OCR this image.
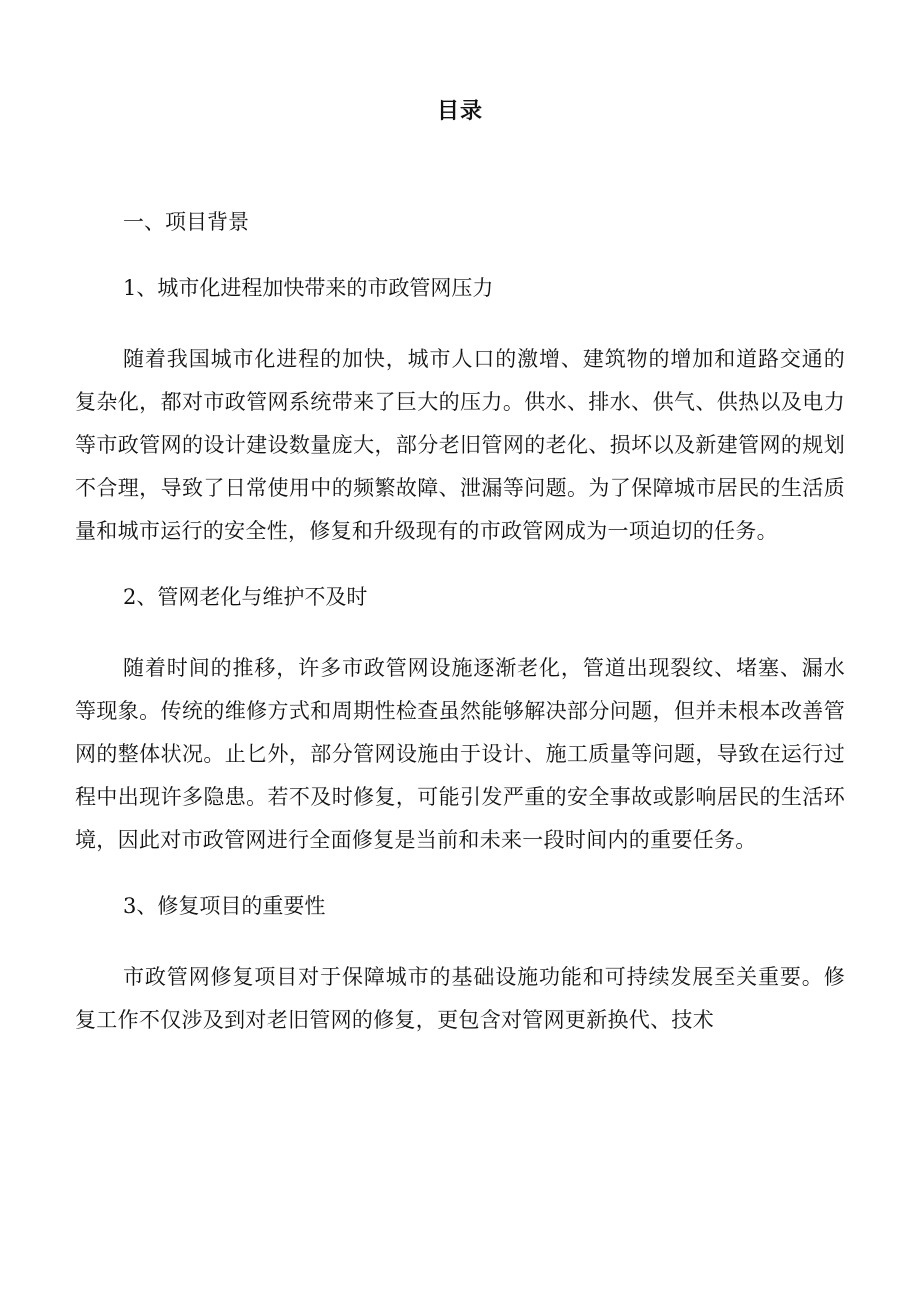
目录
一、项目背景
1、城市化进程加快带来的市政管网压力

随着我国城市化进程的加快，城市人口的激增、建筑物的增加和道路交通的复杂化，都对市政管网系统带来了巨大的压力。供水、排水、供气、供热以及电力等市政管网的设计建设数量庞大，部分老旧管网的老化、损坏以及新建管网的规划不合理，导致了日常使用中的频繁故障、泄漏等问题。为了保障城市居民的生活质量和城市运行的安全性，修复和升级现有的市政管网成为一项迫切的任务。

2、管网老化与维护不及时

随着时间的推移，许多市政管网设施逐渐老化，管道出现裂纹、堵塞、漏水等现象。传统的维修方式和周期性检查虽然能够解决部分问题，但并未根本改善管网的整体状况。止匕外，部分管网设施由于设计、施工质量等问题，导致在运行过程中出现许多隐患。若不及时修复，可能引发严重的安全事故或影响居民的生活环境，因此对市政管网进行全面修复是当前和未来一段时间内的重要任务。

3、修复项目的重要性

市政管网修复项目对于保障城市的基础设施功能和可持续发展至关重要。修复工作不仅涉及到对老旧管网的修复，更包含对管网更新换代、技术
